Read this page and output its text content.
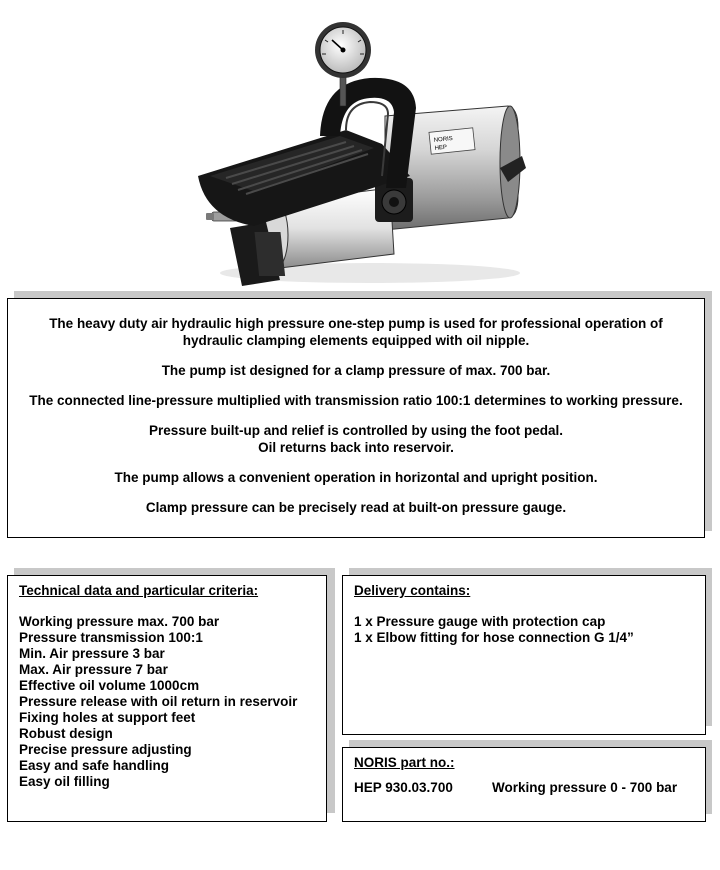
NORIS
HEP

The heavy duty air hydraulic high pressure one-step pump is used for professional operation of hydraulic clamping elements equipped with oil nipple.

The pump ist designed for a clamp pressure of max. 700 bar.

The connected line-pressure multiplied with transmission ratio 100:1 determines to working pressure.

Pressure built-up and relief is controlled by using the foot pedal.

Oil returns back into reservoir.

The pump allows a convenient operation in horizontal and upright position.

Clamp pressure can be precisely read at built-on pressure gauge.

Technical data and particular criteria:
Working pressure max. 700 bar
Pressure transmission 100:1
Min. Air pressure 3 bar
Max. Air pressure 7 bar
Effective oil volume 1000cm
Pressure release with oil return in reservoir
Fixing holes at support feet
Robust design
Precise pressure adjusting
Easy and safe handling
Easy oil filling
Delivery contains:
1 x Pressure gauge with protection cap
1 x Elbow fitting for hose connection G 1/4”
NORIS part no.:
HEP 930.03.700	Working pressure 0 - 700 bar
